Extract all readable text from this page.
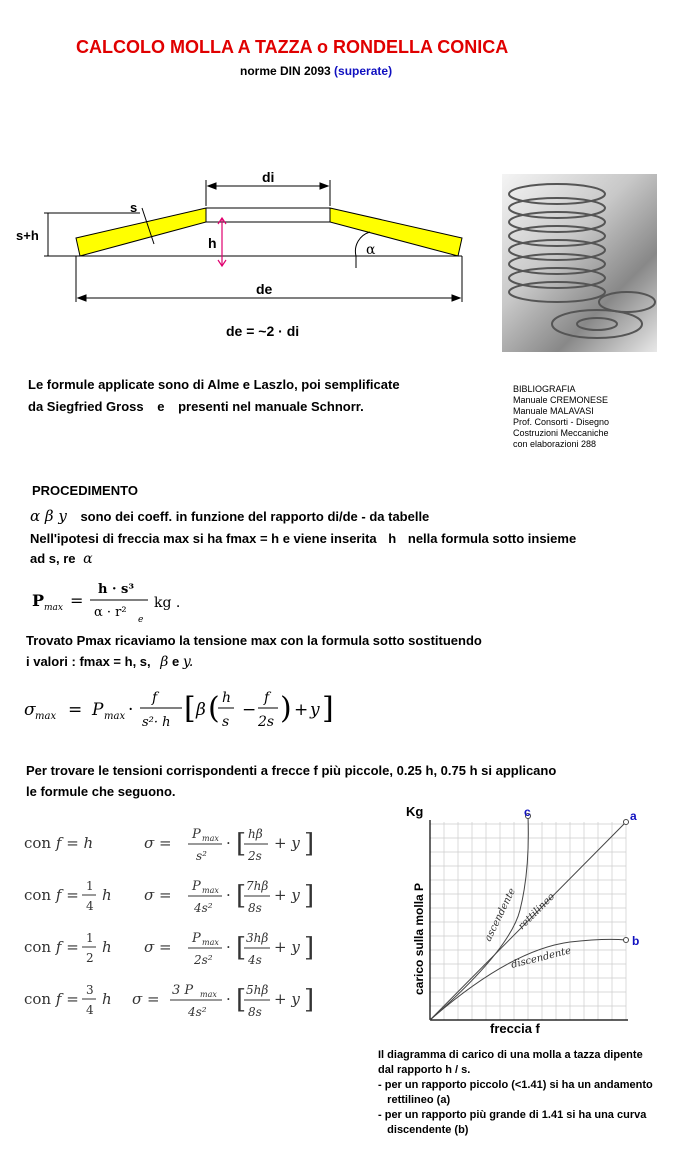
CALCOLO MOLLA A TAZZA o RONDELLA CONICA
norme DIN 2093 (superate)
di
s
s+h	h	α
de
de = ~2 · di
Le formule applicate sono di Alme e Laszlo, poi semplificate
da Siegfried Gross e presenti nel manuale Schnorr.
BIBLIOGRAFIA
Manuale CREMONESE
Manuale MALAVASI
Prof. Consorti - Disegno
Costruzioni Meccaniche
con elaborazioni 288
PROCEDIMENTO
α β y sono dei coeff. in funzione del rapporto di/de - da tabelle
Nell'ipotesi di freccia max si ha fmax = h e viene inserita h nella formula sotto insieme
ad s, re α
P max =
h · s³
α · r² e
kg .
Trovato Pmax ricaviamo la tensione max con la formula sotto sostituendo
i valori : fmax = h, s, β e y.
σ max = P max ·
f
s²· h [ β ( h
s
−
f
2s ) + y ]
Per trovare le tensioni corrispondenti a frecce f più piccole, 0.25 h, 0.75 h si applicano
le formule che seguono.
con f = h	σ = P max
s²
· [ hβ
2s
+ y ]
con f = 1
4
h σ = P max
4s²
· [ 7hβ
8s
+ y ]
con f = 1
2
h σ = P max
2s²
· [ 3hβ
4s
+ y ]
con f = 3
4
h σ = 3 P max
4s²
· [ 5hβ
8s
+ y ]
Kg
carico sulla molla P
freccia f
c	a
b
ascendente
rettilineo
discendente
Il diagramma di carico di una molla a tazza dipente
dal rapporto h / s.
- per un rapporto piccolo (<1.41) si ha un andamento
rettilineo (a)
- per un rapporto più grande di 1.41 si ha una curva
discendente (b)
